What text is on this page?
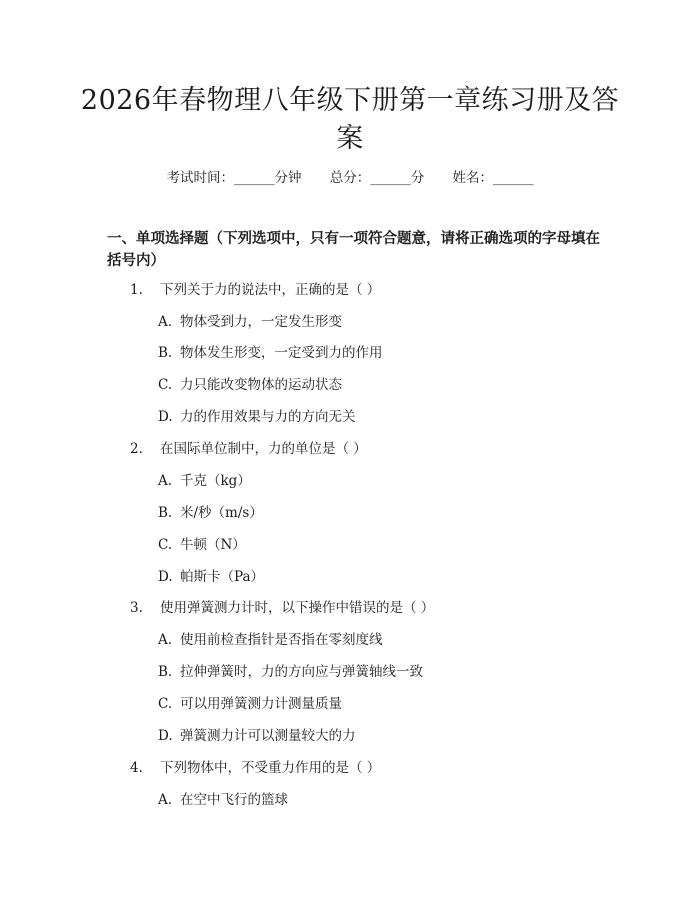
2026年春物理八年级下册第一章练习册及答案
考试时间：______分钟 总分：______分 姓名：______
一、单项选择题（下列选项中，只有一项符合题意，请将正确选项的字母填在括号内）
1. 下列关于力的说法中，正确的是（ ）
A. 物体受到力，一定发生形变
B. 物体发生形变，一定受到力的作用
C. 力只能改变物体的运动状态
D. 力的作用效果与力的方向无关
2. 在国际单位制中，力的单位是（ ）
A. 千克（kg）
B. 米/秒（m/s）
C. 牛顿（N）
D. 帕斯卡（Pa）
3. 使用弹簧测力计时，以下操作中错误的是（ ）
A. 使用前检查指针是否指在零刻度线
B. 拉伸弹簧时，力的方向应与弹簧轴线一致
C. 可以用弹簧测力计测量质量
D. 弹簧测力计可以测量较大的力
4. 下列物体中，不受重力作用的是（ ）
A. 在空中飞行的篮球
